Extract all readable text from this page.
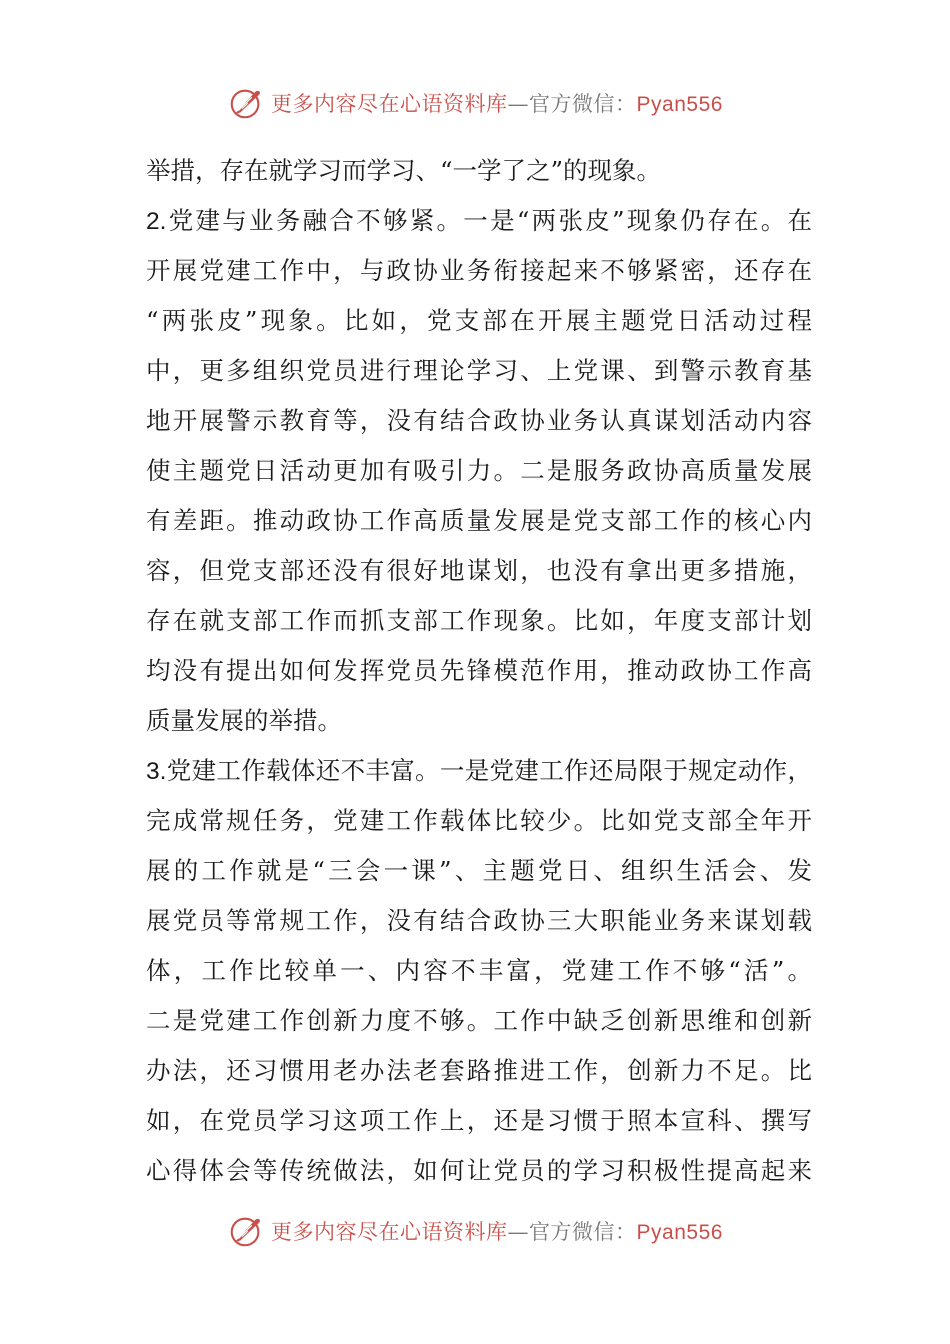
更多内容尽在心语资料库—官方微信：Pyan556
举措，存在就学习而学习、“一学了之”的现象。
2.党建与业务融合不够紧。一是“两张皮”现象仍存在。在
开展党建工作中，与政协业务衔接起来不够紧密，还存在
“两张皮”现象。比如，党支部在开展主题党日活动过程
中，更多组织党员进行理论学习、上党课、到警示教育基
地开展警示教育等，没有结合政协业务认真谋划活动内容
使主题党日活动更加有吸引力。二是服务政协高质量发展
有差距。推动政协工作高质量发展是党支部工作的核心内
容，但党支部还没有很好地谋划，也没有拿出更多措施，
存在就支部工作而抓支部工作现象。比如，年度支部计划
均没有提出如何发挥党员先锋模范作用，推动政协工作高
质量发展的举措。
3.党建工作载体还不丰富。一是党建工作还局限于规定动作，
完成常规任务，党建工作载体比较少。比如党支部全年开
展的工作就是“三会一课”、主题党日、组织生活会、发
展党员等常规工作，没有结合政协三大职能业务来谋划载
体，工作比较单一、内容不丰富，党建工作不够“活”。
二是党建工作创新力度不够。工作中缺乏创新思维和创新
办法，还习惯用老办法老套路推进工作，创新力不足。比
如，在党员学习这项工作上，还是习惯于照本宣科、撰写
心得体会等传统做法，如何让党员的学习积极性提高起来
更多内容尽在心语资料库—官方微信：Pyan556
